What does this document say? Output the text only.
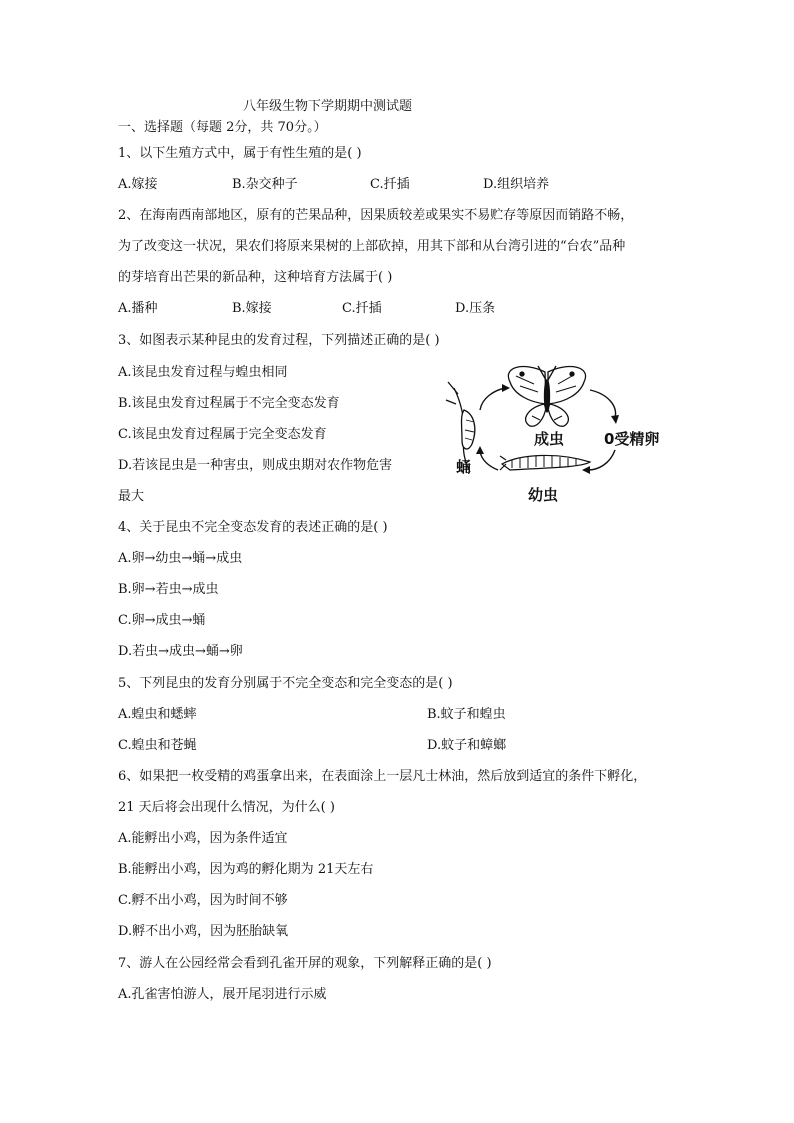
八年级生物下学期期中测试题
一、选择题（每题 2分，共 70分。）
1、以下生殖方式中，属于有性生殖的是( )
A.嫁接	B.杂交种子	C.扦插	D.组织培养
2、在海南西南部地区，原有的芒果品种，因果质较差或果实不易贮存等原因而销路不畅，
为了改变这一状况，果农们将原来果树的上部砍掉，用其下部和从台湾引进的“台农”品种
的芽培育出芒果的新品种，这种培育方法属于( )
A.播种	B.嫁接	C.扦插	D.压条
3、如图表示某种昆虫的发育过程，下列描述正确的是( )
A.该昆虫发育过程与蝗虫相同
B.该昆虫发育过程属于不完全变态发育
C.该昆虫发育过程属于完全变态发育
D.若该昆虫是一种害虫，则成虫期对农作物危害
最大
成虫	0受精卵
蛹
幼虫
4、关于昆虫不完全变态发育的表述正确的是( )
A.卵→幼虫→蛹→成虫
B.卵→若虫→成虫
C.卵→成虫→蛹
D.若虫→成虫→蛹→卵
5、下列昆虫的发育分别属于不完全变态和完全变态的是( )
A.蝗虫和蟋蟀	B.蚊子和蝗虫
C.蝗虫和苍蝇	D.蚊子和蟑螂
6、如果把一枚受精的鸡蛋拿出来，在表面涂上一层凡士林油，然后放到适宜的条件下孵化，
21 天后将会出现什么情况，为什么( )
A.能孵出小鸡，因为条件适宜
B.能孵出小鸡，因为鸡的孵化期为 21天左右
C.孵不出小鸡，因为时间不够
D.孵不出小鸡，因为胚胎缺氧
7、游人在公园经常会看到孔雀开屏的观象，下列解释正确的是( )
A.孔雀害怕游人，展开尾羽进行示威
